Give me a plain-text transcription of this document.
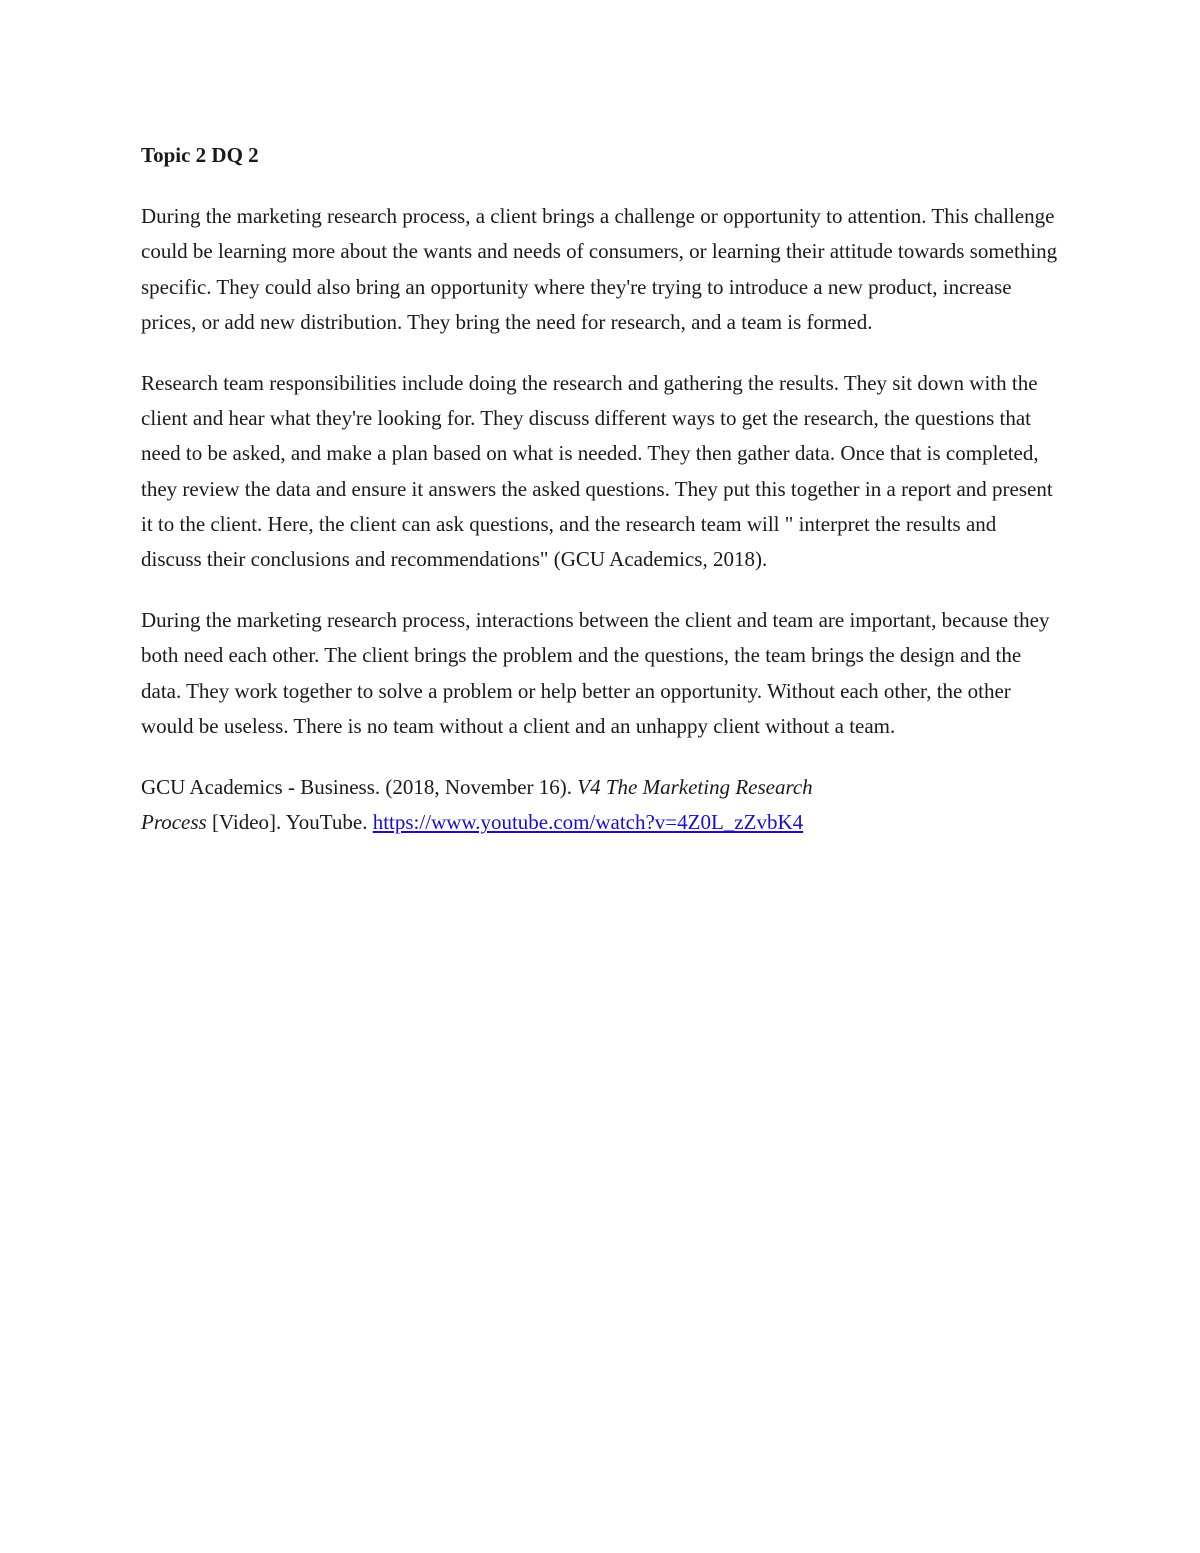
Topic 2 DQ 2

During the marketing research process, a client brings a challenge or opportunity to attention. This challenge could be learning more about the wants and needs of consumers, or learning their attitude towards something specific. They could also bring an opportunity where they're trying to introduce a new product, increase prices, or add new distribution. They bring the need for research, and a team is formed.

Research team responsibilities include doing the research and gathering the results. They sit down with the client and hear what they're looking for. They discuss different ways to get the research, the questions that need to be asked, and make a plan based on what is needed. They then gather data. Once that is completed, they review the data and ensure it answers the asked questions. They put this together in a report and present it to the client. Here, the client can ask questions, and the research team will " interpret the results and discuss their conclusions and recommendations" (GCU Academics, 2018).

During the marketing research process, interactions between the client and team are important, because they both need each other. The client brings the problem and the questions, the team brings the design and the data. They work together to solve a problem or help better an opportunity. Without each other, the other would be useless. There is no team without a client and an unhappy client without a team.

GCU Academics - Business. (2018, November 16). V4 The Marketing Research
Process [Video]. YouTube. https://www.youtube.com/watch?v=4Z0L_zZvbK4
